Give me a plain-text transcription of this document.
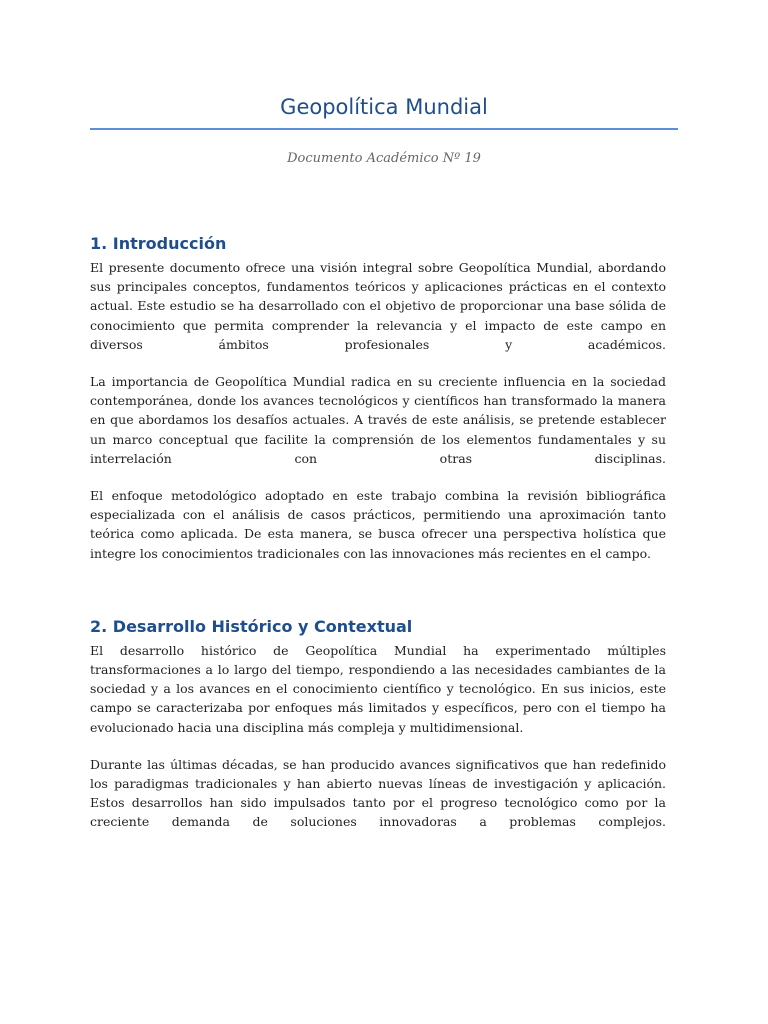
Geopolítica Mundial
Documento Académico Nº 19
1. Introducción

El presente documento ofrece una visión integral sobre Geopolítica Mundial, abordando sus principales conceptos, fundamentos teóricos y aplicaciones prácticas en el contexto actual. Este estudio se ha desarrollado con el objetivo de proporcionar una base sólida de conocimiento que permita comprender la relevancia y el impacto de este campo en diversos ámbitos profesionales y académicos.

La importancia de Geopolítica Mundial radica en su creciente influencia en la sociedad contemporánea, donde los avances tecnológicos y científicos han transformado la manera en que abordamos los desafíos actuales. A través de este análisis, se pretende establecer un marco conceptual que facilite la comprensión de los elementos fundamentales y su interrelación con otras disciplinas.

El enfoque metodológico adoptado en este trabajo combina la revisión bibliográfica especializada con el análisis de casos prácticos, permitiendo una aproximación tanto teórica como aplicada. De esta manera, se busca ofrecer una perspectiva holística que integre los conocimientos tradicionales con las innovaciones más recientes en el campo.

2. Desarrollo Histórico y Contextual

El desarrollo histórico de Geopolítica Mundial ha experimentado múltiples transformaciones a lo largo del tiempo, respondiendo a las necesidades cambiantes de la sociedad y a los avances en el conocimiento científico y tecnológico. En sus inicios, este campo se caracterizaba por enfoques más limitados y específicos, pero con el tiempo ha evolucionado hacia una disciplina más compleja y multidimensional.

Durante las últimas décadas, se han producido avances significativos que han redefinido los paradigmas tradicionales y han abierto nuevas líneas de investigación y aplicación. Estos desarrollos han sido impulsados tanto por el progreso tecnológico como por la creciente demanda de soluciones innovadoras a problemas complejos.
